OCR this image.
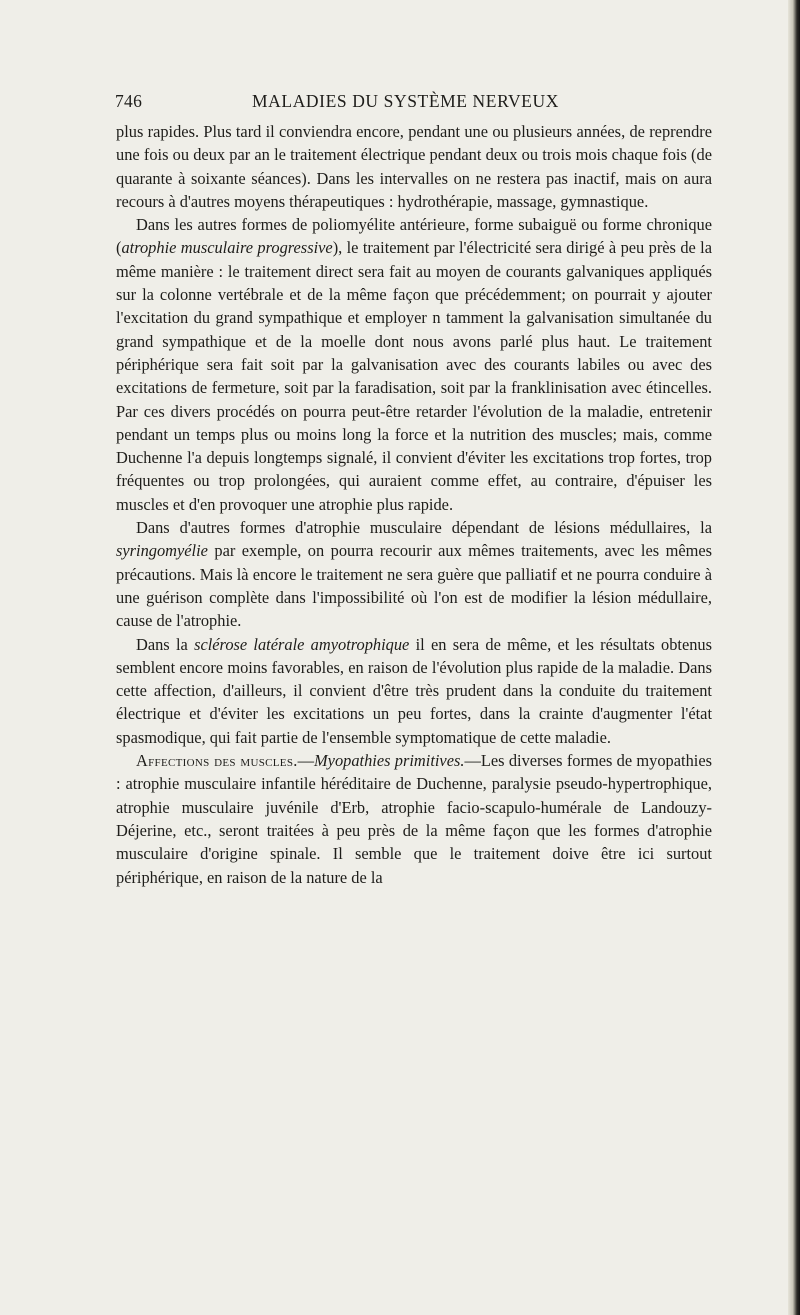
746	MALADIES DU SYSTÈME NERVEUX

plus rapides. Plus tard il conviendra encore, pendant une ou plusieurs années, de reprendre une fois ou deux par an le traitement électrique pendant deux ou trois mois chaque fois (de quarante à soixante séances). Dans les intervalles on ne restera pas inactif, mais on aura recours à d'autres moyens thérapeutiques : hydrothérapie, massage, gymnastique.

Dans les autres formes de poliomyélite antérieure, forme subaiguë ou forme chronique (atrophie musculaire progressive), le traitement par l'électricité sera dirigé à peu près de la même manière : le traitement direct sera fait au moyen de courants galvaniques appliqués sur la colonne vertébrale et de la même façon que précédemment; on pourrait y ajouter l'excitation du grand sympathique et employer n tamment la galvanisation simultanée du grand sympathique et de la moelle dont nous avons parlé plus haut. Le traitement périphérique sera fait soit par la galvanisation avec des courants labiles ou avec des excitations de fermeture, soit par la faradisation, soit par la franklinisation avec étincelles. Par ces divers procédés on pourra peut-être retarder l'évolution de la maladie, entretenir pendant un temps plus ou moins long la force et la nutrition des muscles; mais, comme Duchenne l'a depuis longtemps signalé, il convient d'éviter les excitations trop fortes, trop fréquentes ou trop prolongées, qui auraient comme effet, au contraire, d'épuiser les muscles et d'en provoquer une atrophie plus rapide.

Dans d'autres formes d'atrophie musculaire dépendant de lésions médullaires, la syringomyélie par exemple, on pourra recourir aux mêmes traitements, avec les mêmes précautions. Mais là encore le traitement ne sera guère que palliatif et ne pourra conduire à une guérison complète dans l'impossibilité où l'on est de modifier la lésion médullaire, cause de l'atrophie.

Dans la sclérose latérale amyotrophique il en sera de même, et les résultats obtenus semblent encore moins favorables, en raison de l'évolution plus rapide de la maladie. Dans cette affection, d'ailleurs, il convient d'être très prudent dans la conduite du traitement électrique et d'éviter les excitations un peu fortes, dans la crainte d'augmenter l'état spasmodique, qui fait partie de l'ensemble symptomatique de cette maladie.

Affections des muscles.—Myopathies primitives.—Les diverses formes de myopathies : atrophie musculaire infantile héréditaire de Duchenne, paralysie pseudo-hypertrophique, atrophie musculaire juvénile d'Erb, atrophie facio-scapulo-humérale de Landouzy-Déjerine, etc., seront traitées à peu près de la même façon que les formes d'atrophie musculaire d'origine spinale. Il semble que le traitement doive être ici surtout périphérique, en raison de la nature de la
